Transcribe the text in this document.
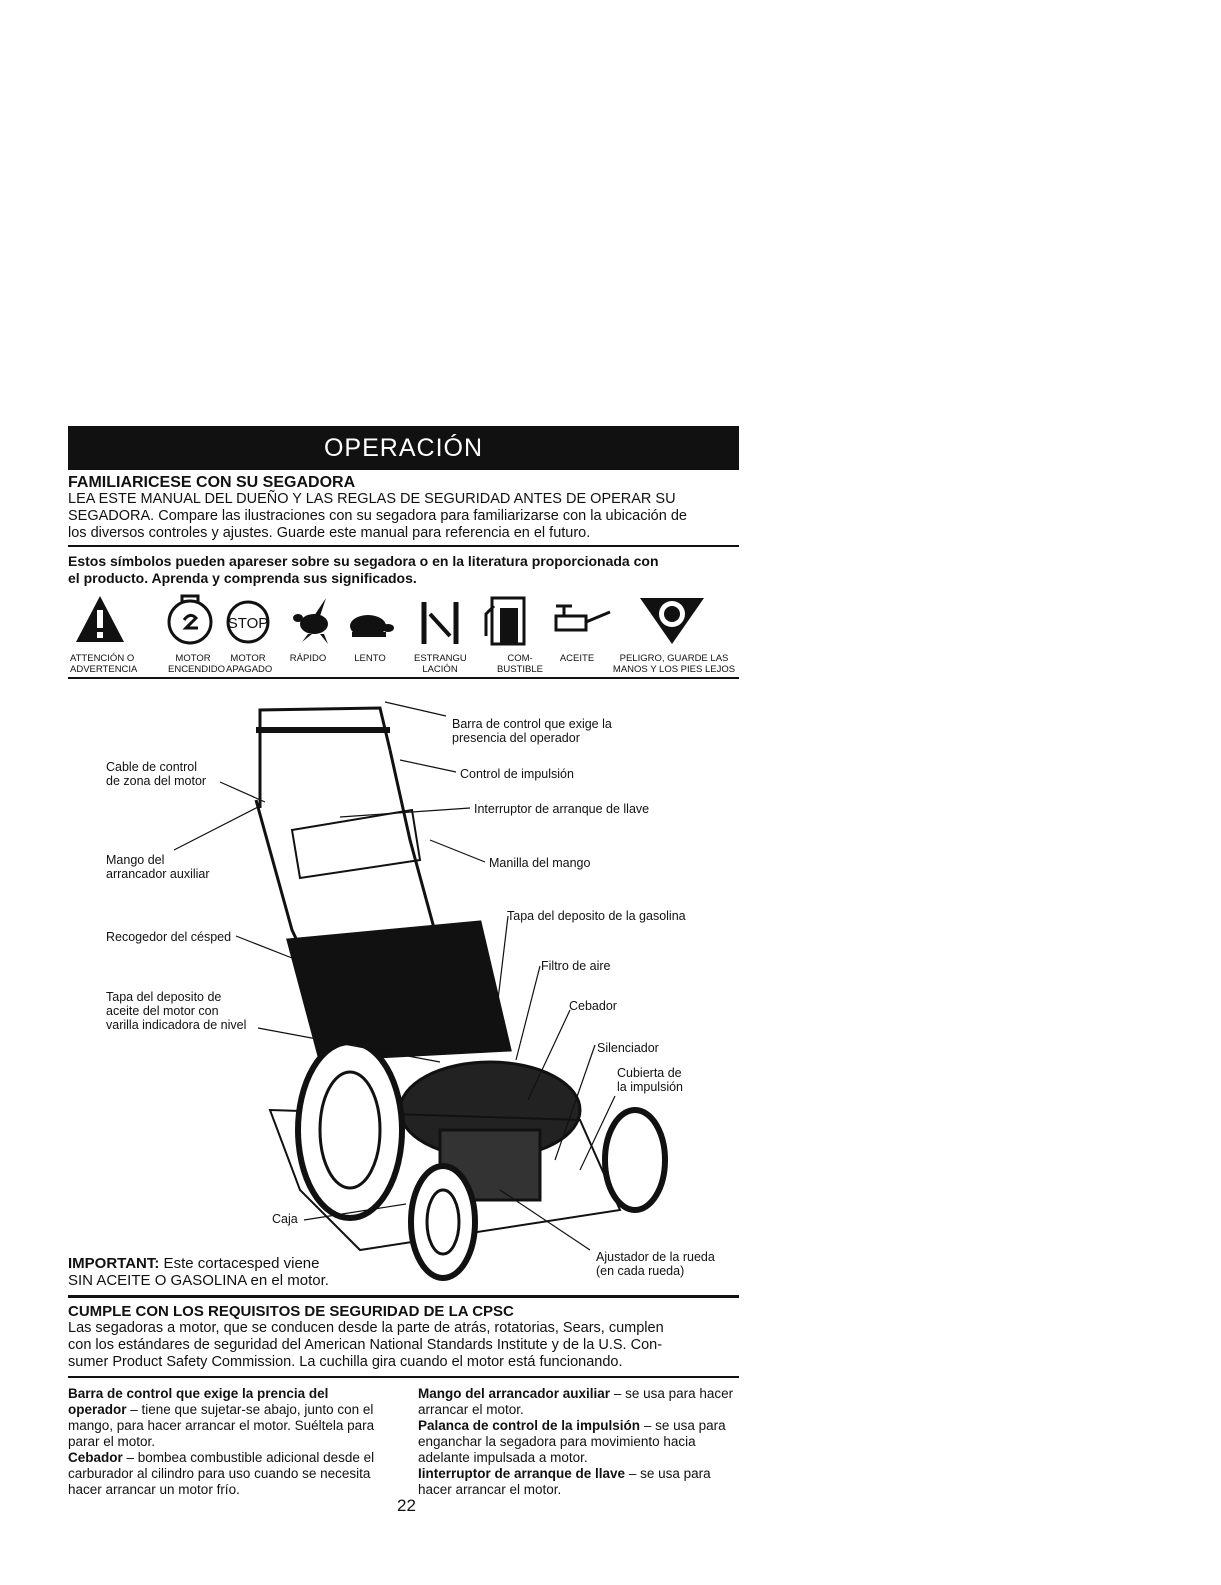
OPERACIÓN
FAMILIARICESE CON SU SEGADORA
LEA ESTE MANUAL DEL DUEÑO Y LAS REGLAS DE SEGURIDAD ANTES DE OPERAR SU
SEGADORA. Compare las ilustraciones con su segadora para familiarizarse con la ubicación de
los diversos controles y ajustes. Guarde este manual para referencia en el futuro.
Estos símbolos pueden apareser sobre su segadora o en la literatura proporcionada con
el producto. Aprenda y comprenda sus significados.
STOP
ATTENCIÓN O
ADVERTENCIA
MOTOR
ENCENDIDO
MOTOR
APAGADO
RÁPIDO	LENTO	ESTRANGU
LACIÓN
COM-
BUSTIBLE
ACEITE	PELIGRO, GUARDE LAS
MANOS Y LOS PIES LEJOS
Barra de control que exige la
presencia del operador
Control de impulsión
Interruptor de arranque de llave
Manilla del mango
Tapa del deposito de la gasolina
Filtro de aire
Cebador
Silenciador
Cubierta de
la impulsión
Ajustador de la rueda
(en cada rueda)
Cable de control
de zona del motor
Mango del
arrancador auxiliar
Recogedor del césped
Tapa del deposito de
aceite del motor con
varilla indicadora de nivel
Caja
IMPORTANT: Este cortacesped viene
SIN ACEITE O GASOLINA en el motor.
CUMPLE CON LOS REQUISITOS DE SEGURIDAD DE LA CPSC
Las segadoras a motor, que se conducen desde la parte de atrás, rotatorias, Sears, cumplen
con los estándares de seguridad del American National Standards Institute y de la U.S. Con-
sumer Product Safety Commission. La cuchilla gira cuando el motor está funcionando.
Barra de control que exige la prencia del operador – tiene que sujetar-se abajo, junto con el mango, para hacer arrancar el motor. Suéltela para parar el motor.
Cebador – bombea combustible adicional desde el carburador al cilindro para uso cuando se necesita hacer arrancar un motor frío.
Mango del arrancador auxiliar – se usa para hacer arrancar el motor.
Palanca de control de la impulsión – se usa para enganchar la segadora para movimiento hacia adelante impulsada a motor.
Iinterruptor de arranque de llave – se usa para hacer arrancar el motor.
22
